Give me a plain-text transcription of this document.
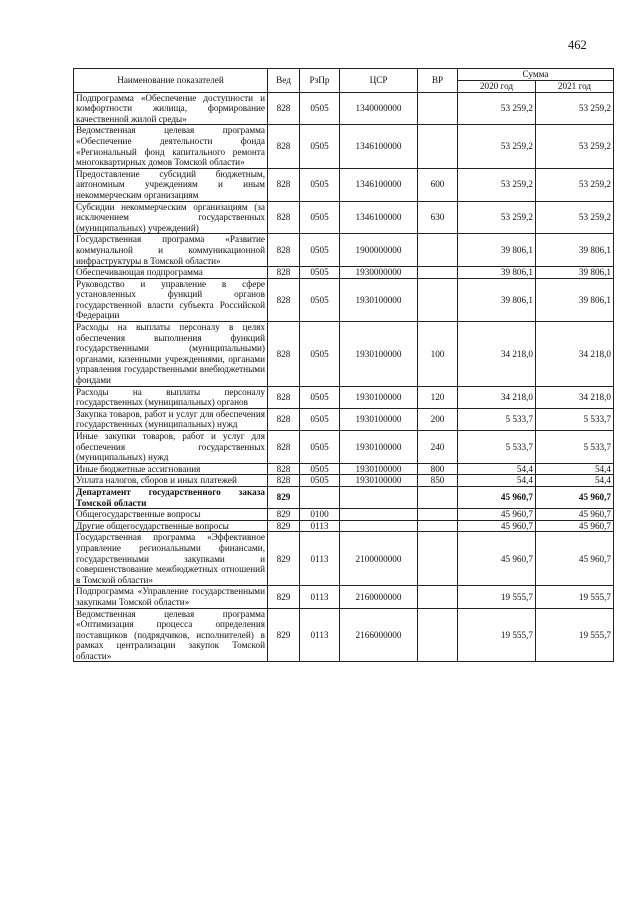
462
Наименование показателей	Вед	РзПр	ЦСР	ВР	Сумма	
					2020 год	2021 год
Подпрограмма «Обеспечение доступности и комфортности жилища, формирование качественной жилой среды»	828	0505	1340000000		53 259,2	53 259,2
Ведомственная целевая программа «Обеспечение деятельности фонда «Региональный фонд капитального ремонта многоквартирных домов Томской области»	828	0505	1346100000		53 259,2	53 259,2
Предоставление субсидий бюджетным, автономным учреждениям и иным некоммерческим организациям	828	0505	1346100000	600	53 259,2	53 259,2
Субсидии некоммерческим организациям (за исключением государственных (муниципальных) учреждений)	828	0505	1346100000	630	53 259,2	53 259,2
Государственная программа «Развитие коммунальной и коммуникационной инфраструктуры в Томской области»	828	0505	1900000000		39 806,1	39 806,1
Обеспечивающая подпрограмма	828	0505	1930000000		39 806,1	39 806,1
Руководство и управление в сфере установленных функций органов государственной власти субъекта Российской Федерации	828	0505	1930100000		39 806,1	39 806,1
Расходы на выплаты персоналу в целях обеспечения выполнения функций государственными (муниципальными) органами, казенными учреждениями, органами управления государственными внебюджетными фондами	828	0505	1930100000	100	34 218,0	34 218,0
Расходы на выплаты персоналу государственных (муниципальных) органов	828	0505	1930100000	120	34 218,0	34 218,0
Закупка товаров, работ и услуг для обеспечения государственных (муниципальных) нужд	828	0505	1930100000	200	5 533,7	5 533,7
Иные закупки товаров, работ и услуг для обеспечения государственных (муниципальных) нужд	828	0505	1930100000	240	5 533,7	5 533,7
Иные бюджетные ассигнования	828	0505	1930100000	800	54,4	54,4
Уплата налогов, сборов и иных платежей	828	0505	1930100000	850	54,4	54,4
Департамент государственного заказа Томской области	829				45 960,7	45 960,7
Общегосударственные вопросы	829	0100			45 960,7	45 960,7
Другие общегосударственные вопросы	829	0113			45 960,7	45 960,7
Государственная программа «Эффективное управление региональными финансами, государственными закупками и совершенствование межбюджетных отношений в Томской области»	829	0113	2100000000		45 960,7	45 960,7
Подпрограмма «Управление государственными закупками Томской области»	829	0113	2160000000		19 555,7	19 555,7
Ведомственная целевая программа «Оптимизация процесса определения поставщиков (подрядчиков, исполнителей) в рамках централизации закупок Томской области»	829	0113	2166000000		19 555,7	19 555,7
